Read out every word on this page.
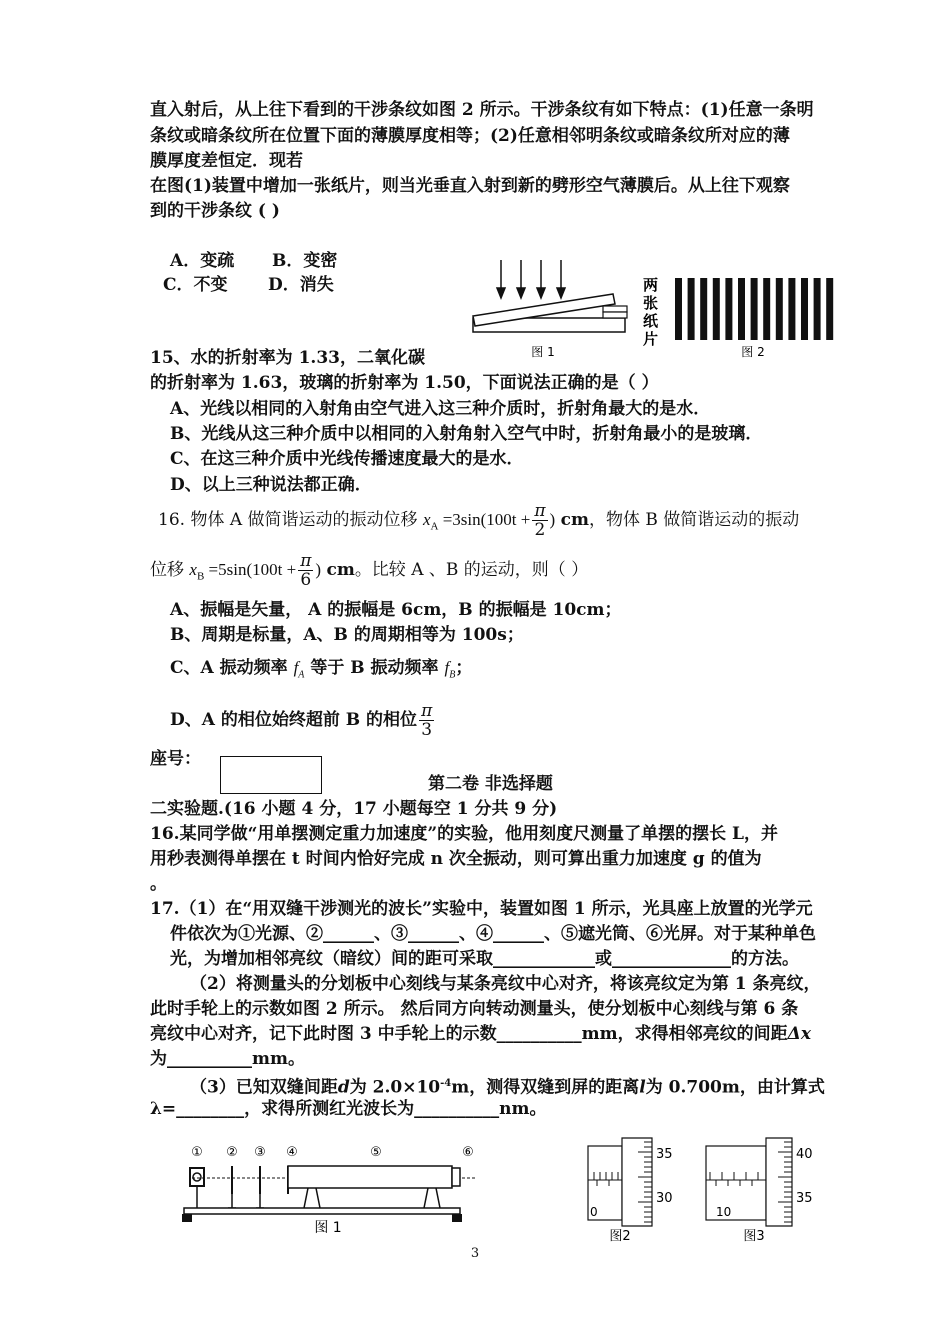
直入射后，从上往下看到的干涉条纹如图 2 所示。干涉条纹有如下特点：(1)任意一条明
条纹或暗条纹所在位置下面的薄膜厚度相等；(2)任意相邻明条纹或暗条纹所对应的薄
膜厚度差恒定．现若
在图(1)装置中增加一张纸片，则当光垂直入射到新的劈形空气薄膜后。从上往下观察
到的干涉条纹 ( )
A．变疏 B．变密
C．不变 D．消失
图 1
两
张
纸
片
图 2
15、水的折射率为 1.33，二氧化碳
的折射率为 1.63，玻璃的折射率为 1.50，下面说法正确的是（ ）
A、光线以相同的入射角由空气进入这三种介质时，折射角最大的是水．
B、光线从这三种介质中以相同的入射角射入空气中时，折射角最小的是玻璃．
C、在这三种介质中光线传播速度最大的是水．
D、以上三种说法都正确．
16. 物体 A 做简谐运动的振动位移 $x_A =3\sin(100t + \frac{\pi}{2}$ ) cm，物体 B 做简谐运动的振动
位移 $x_B =5\sin(100t + \frac{\pi}{6}$ ) cm。比较 A 、B 的运动，则（ ）
A、振幅是矢量， A 的振幅是 6cm，B 的振幅是 10cm；
B、周期是标量，A、B 的周期相等为 100s；
C、A 振动频率 $f_A$ 等于 B 振动频率 $f_B$；
D、A 的相位始终超前 B 的相位 $\frac{\pi}{3}$
座号：
第二卷 非选择题
二实验题.(16 小题 4 分，17 小题每空 1 分共 9 分)
16.某同学做“用单摆测定重力加速度”的实验，他用刻度尺测量了单摆的摆长 L，并
用秒表测得单摆在 t 时间内恰好完成 n 次全振动，则可算出重力加速度 g 的值为
。
17.（1）在“用双缝干涉测光的波长”实验中，装置如图 1 所示，光具座上放置的光学元
件依次为①光源、②______、③______、④______、⑤遮光筒、⑥光屏。对于某种单色
光，为增加相邻亮纹（暗纹）间的距可采取____________或______________的方法。
（2）将测量头的分划板中心刻线与某条亮纹中心对齐，将该亮纹定为第 1 条亮纹，
此时手轮上的示数如图 2 所示。 然后同方向转动测量头，使分划板中心刻线与第 6 条
亮纹中心对齐，记下此时图 3 中手轮上的示数__________mm，求得相邻亮纹的间距Δx
为__________mm。
（3）已知双缝间距d为 $2.0\times 10^{-4}m$，测得双缝到屏的距离l为 0.700m，由计算式
λ=________，求得所测红光波长为__________nm。
① ② ③ ④	⑤	⑥
图 1
35
30
0
图2
40
35
10
图3
3
